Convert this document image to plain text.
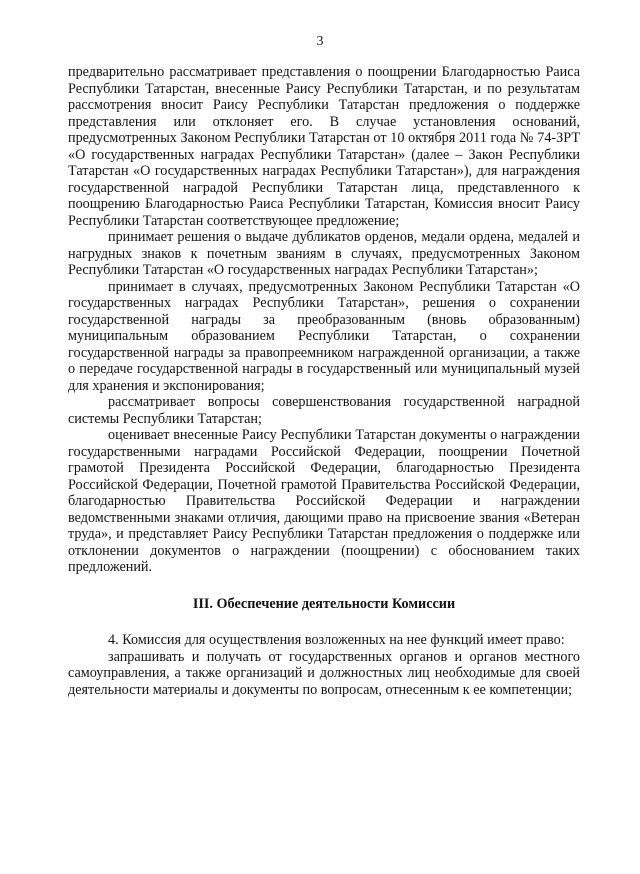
3

предварительно рассматривает представления о поощрении Благодарностью Раиса Республики Татарстан, внесенные Раису Республики Татарстан, и по результатам рассмотрения вносит Раису Республики Татарстан предложения о поддержке представления или отклоняет его. В случае установления оснований, предусмотренных Законом Республики Татарстан от 10 октября 2011 года № 74-ЗРТ «О государственных наградах Республики Татарстан» (далее – Закон Республики Татарстан «О государственных наградах Республики Татарстан»), для награждения государственной наградой Республики Татарстан лица, представленного к поощрению Благодарностью Раиса Республики Татарстан, Комиссия вносит Раису Республики Татарстан соответствующее предложение;

принимает решения о выдаче дубликатов орденов, медали ордена, медалей и нагрудных знаков к почетным званиям в случаях, предусмотренных Законом Республики Татарстан «О государственных наградах Республики Татарстан»;

принимает в случаях, предусмотренных Законом Республики Татарстан «О государственных наградах Республики Татарстан», решения о сохранении государственной награды за преобразованным (вновь образованным) муниципальным образованием Республики Татарстан, о сохранении государственной награды за правопреемником награжденной организации, а также о передаче государственной награды в государственный или муниципальный музей для хранения и экспонирования;

рассматривает вопросы совершенствования государственной наградной системы Республики Татарстан;

оценивает внесенные Раису Республики Татарстан документы о награждении государственными наградами Российской Федерации, поощрении Почетной грамотой Президента Российской Федерации, благодарностью Президента Российской Федерации, Почетной грамотой Правительства Российской Федерации, благодарностью Правительства Российской Федерации и награждении ведомственными знаками отличия, дающими право на присвоение звания «Ветеран труда», и представляет Раису Республики Татарстан предложения о поддержке или отклонении документов о награждении (поощрении) с обоснованием таких предложений.

III. Обеспечение деятельности Комиссии

4. Комиссия для осуществления возложенных на нее функций имеет право:

запрашивать и получать от государственных органов и органов местного самоуправления, а также организаций и должностных лиц необходимые для своей деятельности материалы и документы по вопросам, отнесенным к ее компетенции;
